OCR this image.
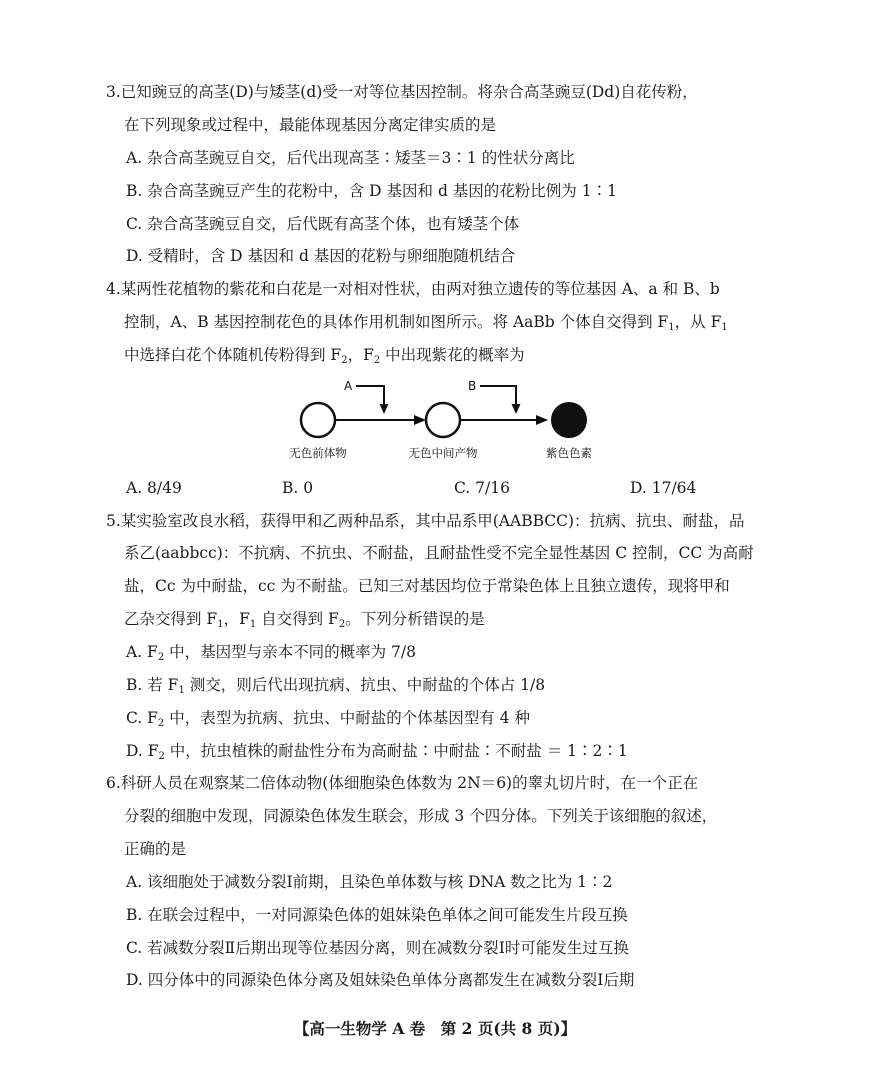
3.已知豌豆的高茎(D)与矮茎(d)受一对等位基因控制。将杂合高茎豌豆(Dd)自花传粉，
在下列现象或过程中，最能体现基因分离定律实质的是
A. 杂合高茎豌豆自交，后代出现高茎∶矮茎＝3∶1 的性状分离比
B. 杂合高茎豌豆产生的花粉中，含 D 基因和 d 基因的花粉比例为 1∶1
C. 杂合高茎豌豆自交，后代既有高茎个体，也有矮茎个体
D. 受精时，含 D 基因和 d 基因的花粉与卵细胞随机结合
4.某两性花植物的紫花和白花是一对相对性状，由两对独立遗传的等位基因 A、a 和 B、b
控制，A、B 基因控制花色的具体作用机制如图所示。将 AaBb 个体自交得到 $F_1$，从 $F_1$
中选择白花个体随机传粉得到 $F_2$，$F_2$ 中出现紫花的概率为
A	B
无色前体物	无色中间产物	紫色色素
A. 8/49	B. 0	C. 7/16	D. 17/64
5.某实验室改良水稻，获得甲和乙两种品系，其中品系甲(AABBCC)：抗病、抗虫、耐盐，品
系乙(aabbcc)：不抗病、不抗虫、不耐盐，且耐盐性受不完全显性基因 C 控制，CC 为高耐
盐，Cc 为中耐盐，cc 为不耐盐。已知三对基因均位于常染色体上且独立遗传，现将甲和
乙杂交得到 $F_1$，$F_1$ 自交得到 $F_2$。下列分析错误的是
A. $F_2$ 中，基因型与亲本不同的概率为 7/8
B. 若 $F_1$ 测交，则后代出现抗病、抗虫、中耐盐的个体占 1/8
C. $F_2$ 中，表型为抗病、抗虫、中耐盐的个体基因型有 4 种
D. $F_2$ 中，抗虫植株的耐盐性分布为高耐盐∶中耐盐∶不耐盐 ＝ 1∶2∶1
6.科研人员在观察某二倍体动物(体细胞染色体数为 2N＝6)的睾丸切片时，在一个正在
分裂的细胞中发现，同源染色体发生联会，形成 3 个四分体。下列关于该细胞的叙述，
正确的是
A. 该细胞处于减数分裂Ⅰ前期，且染色单体数与核 DNA 数之比为 1∶2
B. 在联会过程中，一对同源染色体的姐妹染色单体之间可能发生片段互换
C. 若减数分裂Ⅱ后期出现等位基因分离，则在减数分裂Ⅰ时可能发生过互换
D. 四分体中的同源染色体分离及姐妹染色单体分离都发生在减数分裂Ⅰ后期
【高一生物学 A 卷　第 2 页(共 8 页)】
